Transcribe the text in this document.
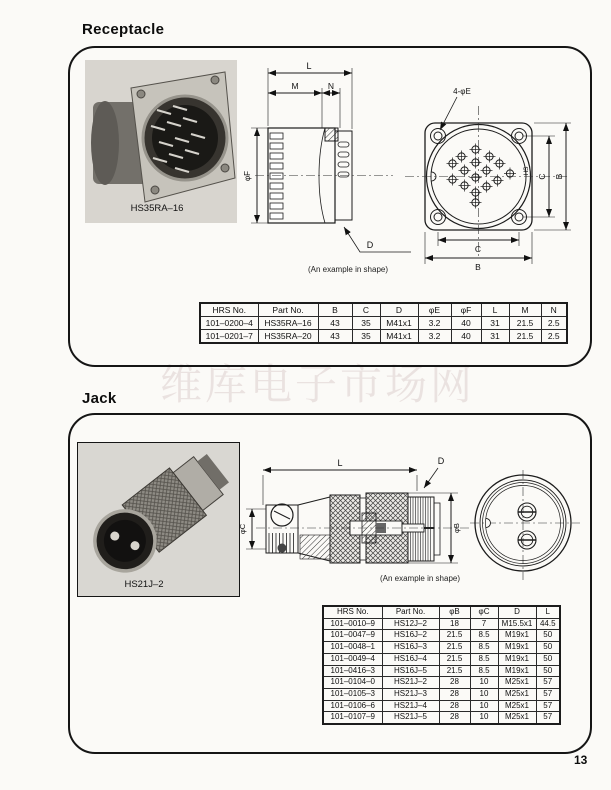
维库电子市场网
Receptacle
HS35RA–16
L
M	N
φF
D
4-φE
HS
C B
C
B
(An example in shape)
HRS No.	Part No.	B	C	D	φE	φF	L	M	N
101–0200–4	HS35RA–16	43	35	M41x1	3.2	40	31	21.5	2.5
101–0201–7	HS35RA–20	43	35	M41x1	3.2	40	31	21.5	2.5
Jack
HS21J–2
L	D
φC	φB
(An example in shape)
HRS No.	Part No.	φB	φC	D	L
101–0010–9	HS12J–2	18	7	M15.5x1	44.5
101–0047–9	HS16J–2	21.5	8.5	M19x1	50
101–0048–1	HS16J–3	21.5	8.5	M19x1	50
101–0049–4	HS16J–4	21.5	8.5	M19x1	50
101–0416–3	HS16J–5	21.5	8.5	M19x1	50
101–0104–0	HS21J–2	28	10	M25x1	57
101–0105–3	HS21J–3	28	10	M25x1	57
101–0106–6	HS21J–4	28	10	M25x1	57
101–0107–9	HS21J–5	28	10	M25x1	57
13
